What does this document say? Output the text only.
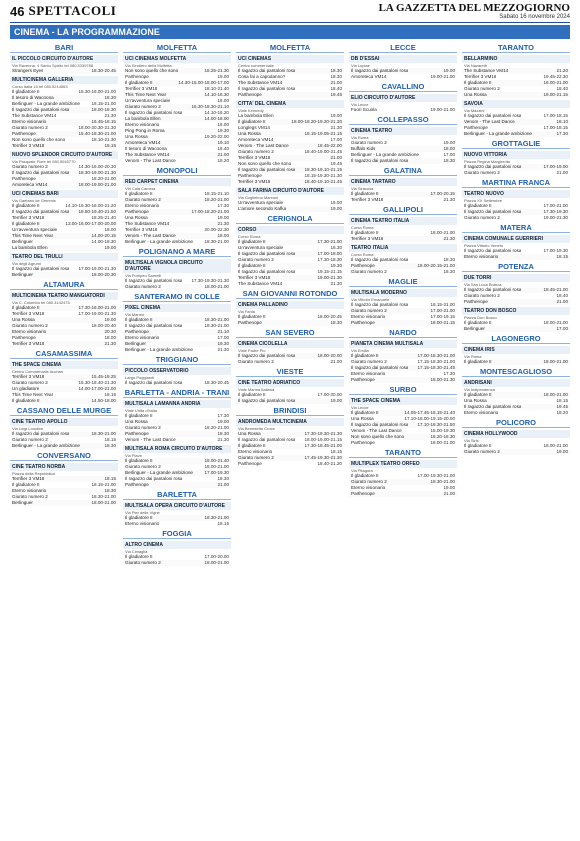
46 SPETTACOLI	LA GAZZETTA DEL MEZZOGIORNO
Sabato 16 novembre 2024
CINEMA - LA PROGRAMMAZIONE
BARI
IL PICCOLO CIRCUITO D'AUTORE
Via Ravenna, 4 Santo Spirito tel 080.5339788
Strangers Eyes	18.30-20.45
MULTICINEMA GALLERIA
Corso Italia 15 tel 080.5214563
Il gladiatore II	15.30-18.00-21.00
Il tesoro di Wacoona	18.30
Berlinguer - La grande ambizione	18.15-21.00
Il ragazzo dai pantaloni rosa	18.00-18.30
The Substance VM14	21.30
Eterno visionario	16.45-18.15
Giurato numero 2	18.00-20.30-21.30
Parthenope	15.40-18.30-21.00
Non sono quello che sono	18.10-21.30
Terrifier 3 VM18	18.15
NUOVO SPLENDOR CIRCUITO D'AUTORE
Via Pasquale Fiore tel 080.5045770
Giurato numero 2	14.30-18.00-20.30
Il ragazzo dai pantaloni rosa 18.30-19.00-21.30
Parthenope	18.20-21.00
Amoreteca VM14	18.00-19.00-21.00
UCI CINEMAS BARI
Via Gaetano de Gemmis
Il gladiatore II	14.10-16.30-18.00-21.20
Il ragazzo dai pantaloni rosa 18.50-19.40-21.50
Terrifier 3 VM18	18.25-21.40
Il gladiatore II	13.00-16.00-17.00-20.00
Un'avventura speciale	18.00
This Time Next Year	14.00-20.15
Berlinguer	14.00-18.30
La bambola Ellen	19.00
TEATRO DEL TRULLI
Via degli Agrumi
Il ragazzo dai pantaloni rosa 17.00-19.00-21.30
Berlinguer	18.00-20.30
ALTAMURA
MULTICINEMA TEATRO MANGIATORDI
Via C. Colombo tel 080.3142475
Il gladiatore II	17.30-18.00-21.00
Terrifier 3 VM18	17.00-19.00-21.30
Una Rossa	19.00
Giurato numero 2	18.00-20.40
Eterno visionario	20.30
Parthenope	18.00
Terrifier 3 VM18	21.30
CASAMASSIMA
THE SPACE CINEMA
Centro Commerciale Auchan
Terrifier 3 VM18	15.45-19.25
Giurato numero 2	16.30-18.40-21.30
Un gladiatore	14.00-17.00-21.00
This Time Next Year	18.15
Il gladiatore II	14.50-18.00
CASSANO DELLE MURGE
CINE TEATRO APOLLO
Via Luigi Loiodice
Il ragazzo dai pantaloni rosa	18.30-21.00
Giurato numero 2	18.15
Berlinguer - La grande ambizione	18.30
CONVERSANO
CINE TEATRO NORBA
Piazza della Repubblica
Terrifier 3 VM18	18.15
Il gladiatore II	18.15-21.00
Eterno visionario	18.30
Giurato numero 2	18.30-21.00
Berlinguer	18.00-21.00
MOLFETTA
UCI CINEMAS MOLFETTA
Via Sentiero dello Molfetta
Non sono quello che sono	18.25-21.30
Parthenope	19.00
Il gladiatore II	14.30-15.00-18.00-17.00
Terrifier 3 VM18	18.10-21.40
This Time Next Year	14.10-16.30
Un'avventura speciale	16.00
Giurato numero 2	16.30-18.30-21.10
Il ragazzo dai pantaloni rosa	14.10-16.20
La bambola Ellen	14.00-18.00
Eterno visionario	16.00
Ping Pong in Roma	19.30
Una Rossa	19.20-22.00
Amoreteca VM14	19.10
Il tesoro di Wacoona	16.40
The Substance VM14	21.00
Venom - The Last Dance	18.20
MONOPOLI
RED CARPET CINEMA
Via Cala Camera
Il gladiatore II	18.15-21.10
Giurato numero 2	18.20-21.00
Eterno visionario	17.30
Parthenope	17.00-18.20-21.00
Una Rossa	19.00
The Substance VM14	21.30
Terrifier 3 VM18	20.00-22.30
Venom - The Last Dance	18.00
Berlinguer - La grande ambizione	18.30-21.00
POLIGNANO A MARE
MULTISALA VIGNOLA CIRCUITO D'AUTORE
Via Pompeo Sarnelli
Il ragazzo dai pantaloni rosa 17.30-19.30-21.30
Giurato numero 2	18.00-21.00
SANTERAMO IN COLLE
PIXEL CINEMA
Via Marmo
Il gladiatore II	18.30-21.00
Il ragazzo dai pantaloni rosa	18.30-21.00
Parthenope	21.10
Eterno visionario	17.00
Berlinguer	19.30
Berlinguer - La grande ambizione	21.30
TRIGGIANO
PICCOLO OSSERVATORIO
Largo Poggiaroli
Il ragazzo dai pantaloni rosa	18.30-20.45
BARLETTA - ANDRIA - TRANI
MULTISALA LAMANNA ANDRIA
Viale Unita d'Italia
Il gladiatore II	17.30
Una Rossa	19.00
Giurato numero 2	18.20-21.00
Parthenope	18.30
Venom - The Last Dance	21.30
MULTISALA ROMA CIRCUITO D'AUTORE
Via Piave
Il gladiatore II	18.00-21.40
Giurato numero 2	18.00-21.00
Berlinguer - La grande ambizione	17.00-19.30
Il ragazzo dai pantaloni rosa	18.30
Parthenope	21.00
BARLETTA
MULTISALA OPERA CIRCUITO D'AUTORE
Via Pier delle Vigne
Il gladiatore II	18.30-21.00
Eterno visionario	18.15
FOGGIA
ALTRO CINEMA
Via Cimaglia
Il gladiatore II	17.00-20.00
Giurato numero 2	18.00-21.00
MOLFETTA
UCI CINEMAS
Centro commerciale
Il ragazzo dai pantaloni rosa	18.30
Cosa fai a capodanno?	18.30
The Substance VM14	21.00
Il ragazzo dai pantaloni rosa	18.40
Parthenope	19.45
CITTA' DEL CINEMA
Viale Kennedy
La bambola Ellen	19.00
Il gladiatore II	18.00-18.20-19.20-21.30
Longlegs VM14	21.30
Una Rossa	18.15-19.05-21.15
Amoreteca VM14	17.00
Venom - The Last Dance	18.45-22.00
Giurato numero 2	18.40-19.00-21.45
Terrifier 3 VM18	21.00
Non sono quello che sono	19.45
Il ragazzo dai pantaloni rosa 18.30-19.10-21.15
Parthenope	18.15-19.30-21.30
Terrifier 3 VM18	18.40-19.10-21.45
SALA FARINA CIRCUITO D'AUTORE
Via Guglielmo Marconi
Un'avventura speciale	16.00
L'amore secondo Kafka	19.00
CERIGNOLA
CORSO
Corso Roma
Il gladiatore II	17.30-21.00
Un'avventura speciale	18.30
Il ragazzo dai pantaloni rosa	17.00-18.00
Giurato numero 2	17.30-18.30
Il gladiatore II	19.30
Il ragazzo dai pantaloni rosa	19.15-21.15
Terrifier 3 VM18	19.00-21.30
The Substance VM14	21.30
SAN GIOVANNI ROTONDO
CINEMA PALLADINO
Via Fania
Il gladiatore II	18.00-20.45
Parthenope	18.30
SAN SEVERO
CINEMA CICOLELLA
Viale Padre Pio
Il ragazzo dai pantaloni rosa	18.00-20.00
Giurato numero 2	21.00
VIESTE
CINE TEATRO ADRIATICO
Viale Marina Italiana
Il gladiatore II	17.00-20.00
Il ragazzo dai pantaloni rosa	19.00
BRINDISI
ANDROMEDA MULTICINEMA
Via Benedetto Croce
Una Rossa	17.30-19.30-21.30
Il ragazzo dai pantaloni rosa 18.00-19.00-21.15
Il gladiatore II	17.30-18.45-21.00
Eterno visionario	18.15
Giurato numero 2	17.45-19.30-21.30
Parthenope	18.40-21.20
LECCE
DB D'ESSAI
Via Lupiae
Il ragazzo dai pantaloni rosa	19.00
Amoreteca VM14	19.00-21.00
CAVALLINO
ELIO CIRCUITO D'AUTORE
Via Lecce
Fuori Scuola	19.00-21.00
COLLEPASSO
CINEMA TEATRO
Via Roma
Giurato numero 2	19.00
Buffalo Kids	18.00
Berlinguer - La grande ambizione	17.00
Il ragazzo dai pantaloni rosa	18.30
GALATINA
CINEMA TARTARO
Via Siracusa
Il gladiatore II	17.00-20.15
Terrifier 3 VM18	21.30
GALLIPOLI
CINEMA TEATRO ITALIA
Corso Roma
Il gladiatore II	18.00-21.00
Terrifier 3 VM18	21.30
TEATRO ITALIA
Corso Roma
Il ragazzo dai pantaloni rosa	18.30
Parthenope	18.00-20.15-21.00
Giurato numero 2	18.30
MAGLIE
MULTISALA MODERNO
Via Vittorio Emanuele
Il ragazzo dai pantaloni rosa	18.15-21.00
Giurato numero 2	17.00-21.00
Eterno visionario	17.00-19.15
Parthenope	18.00-21.15
NARDO
PIANETA CINEMA MULTISALA
Via Emilia
Il gladiatore II	17.00-18.30-21.00
Giurato numero 2	17.15-18.30-21.00
Il ragazzo dai pantaloni rosa 17.15-18.30-21.45
Eterno visionario	17.30
Parthenope	18.00-21.30
SURBO
THE SPACE CINEMA
Via Lecce
Il gladiatore II	14.05-17.45-18.15-21.40
Una Rossa	17.10-18.00-19.15-20.00
Il ragazzo dai pantaloni rosa 17.10-18.30-21.50
Venom - The Last Dance	15.00-19.30
Non sono quello che sono	16.20-18.30
Parthenope	18.00-21.00
TARANTO
MULTIPLEX TEATRO ORFEO
Via Pitagora
Il gladiatore II	17.00-19.30-21.00
Giurato numero 2	18.30-21.00
Eterno visionario	19.00
Parthenope	21.00
TARANTO
BELLARMINO
Via Nazareth
The Substance VM14	21.20
Terrifier 3 VM18	19.45-22.30
Il gladiatore II	16.00-21.00
Giurato numero 2	18.40
Una Rossa	19.00-21.15
SAVOIA
Via Mazzini
Il ragazzo dai pantaloni rosa	17.00-18.15
Venom - The Last Dance	18.10
Parthenope	17.00-18.15
Berlinguer - La grande ambizione	17.30
GROTTAGLIE
NUOVO VITTORIA
Piazza Regina Margherita
Il ragazzo dai pantaloni rosa	17.00-19.00
Giurato numero 2	21.00
MARTINA FRANCA
TEATRO NUOVO
Piazza XX Settembre
Il gladiatore II	17.00-21.00
Il ragazzo dai pantaloni rosa	17.30-19.30
Giurato numero 2	19.00-21.30
MATERA
CINEMA COMUNALE GUERRIERI
Piazza Vittorio Veneto
Il ragazzo dai pantaloni rosa	17.00-19.30
Eterno visionario	18.15
POTENZA
DUE TORRI
Via San Luca Branca
Il ragazzo dai pantaloni rosa	18.45-21.00
Giurato numero 2	18.40
Parthenope	21.00
TEATRO DON BOSCO
Piazza Don Bosco
Il gladiatore II	18.00-21.00
Berlinguer	17.00
LAGONEGRO
CINEMA IRIS
Via Roma
Il gladiatore II	18.00-21.00
MONTESCAGLIOSO
ANDRISANI
Via Indipendenza
Il gladiatore II	18.00-21.00
Una Rossa	18.15
Il ragazzo dai pantaloni rosa	19.45
Eterno visionario	18.20
POLICORO
CINEMA HOLLYWOOD
Via Siris
Il gladiatore II	18.00-21.00
Giurato numero 2	19.00
